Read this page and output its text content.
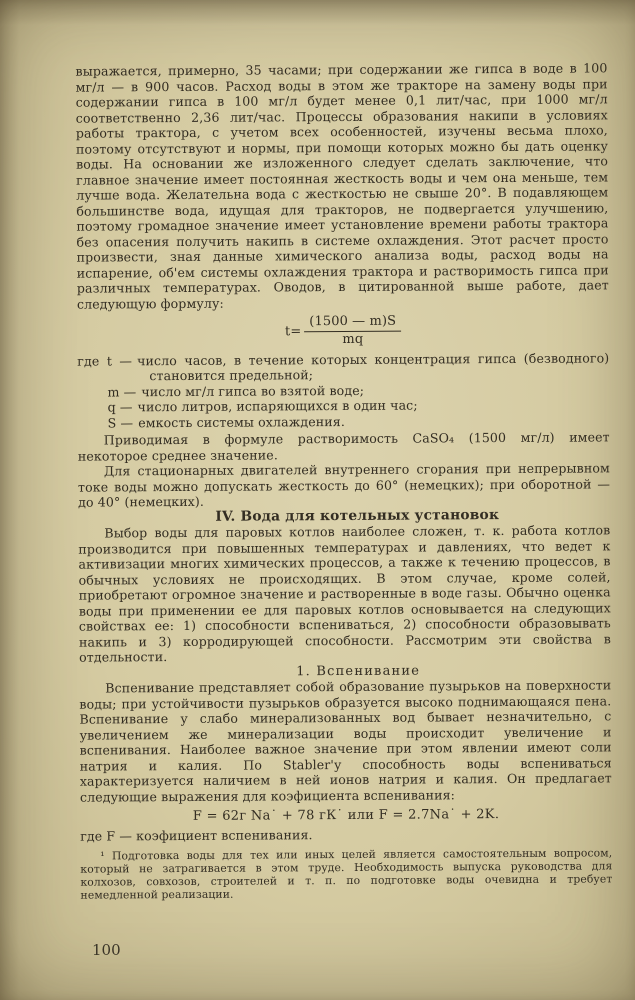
выражается, примерно, 35 часами; при содержании же гипса в воде в 100 мг/л — в 900 часов. Расход воды в этом же тракторе на замену воды при содержании гипса в 100 мг/л будет менее 0,1 лит/час, при 1000 мг/л соответственно 2,36 лит/час. Процессы образования накипи в условиях работы трактора, с учетом всех особенностей, изучены весьма плохо, поэтому отсутствуют и нормы, при помощи которых можно бы дать оценку воды. На основании же изложенного следует сделать заключение, что главное значение имеет постоянная жесткость воды и чем она меньше, тем лучше вода. Желательна вода с жесткостью не свыше 20°. В подавляющем большинстве вода, идущая для тракторов, не подвергается улучшению, поэтому громадное значение имеет установление времени работы трактора без опасения получить накипь в системе охлаждения. Этот расчет просто произвести, зная данные химического анализа воды, расход воды на испарение, об'ем системы охлаждения трактора и растворимость гипса при различных температурах. Оводов, в цитированной выше работе, дает следующую формулу:

$t= \frac{(1500 — m)S}{mq}$
где t — число часов, в течение которых концентрация гипса (безводного) становится предельной;
m — число мг/л гипса во взятой воде;
q — число литров, испаряющихся в один час;
S — емкость системы охлаждения.

Приводимая в формуле растворимость CaSO₄ (1500 мг/л) имеет некоторое среднее значение.

Для стационарных двигателей внутреннего сгорания при непрерывном токе воды можно допускать жесткость до 60° (немецких); при оборотной — до 40° (немецких).

IV. Вода для котельных установок

Выбор воды для паровых котлов наиболее сложен, т. к. работа котлов производится при повышенных температурах и давлениях, что ведет к активизации многих химических процессов, а также к течению процессов, в обычных условиях не происходящих. В этом случае, кроме солей, приобретают огромное значение и растворенные в воде газы. Обычно оценка воды при применении ее для паровых котлов основывается на следующих свойствах ее: 1) способности вспениваться, 2) способности образовывать накипь и 3) корродирующей способности. Рассмотрим эти свойства в отдельности.

1. Вспенивание

Вспенивание представляет собой образование пузырьков на поверхности воды; при устойчивости пузырьков образуется высоко поднимающаяся пена. Вспенивание у слабо минерализованных вод бывает незначительно, с увеличением же минерализации воды происходит увеличение и вспенивания. Наиболее важное значение при этом явлении имеют соли натрия и калия. По Stabler'у способность воды вспениваться характеризуется наличием в ней ионов натрия и калия. Он предлагает следующие выражения для коэфициента вспенивания:

F = 62г Na˙ + 78 гК˙ или F = 2.7Na˙ + 2K.

где F — коэфициент вспенивания.

¹ Подготовка воды для тех или иных целей является самостоятельным вопросом, который не затрагивается в этом труде. Необходимость выпуска руководства для колхозов, совхозов, строителей и т. п. по подготовке воды очевидна и требует немедленной реализации.

100
